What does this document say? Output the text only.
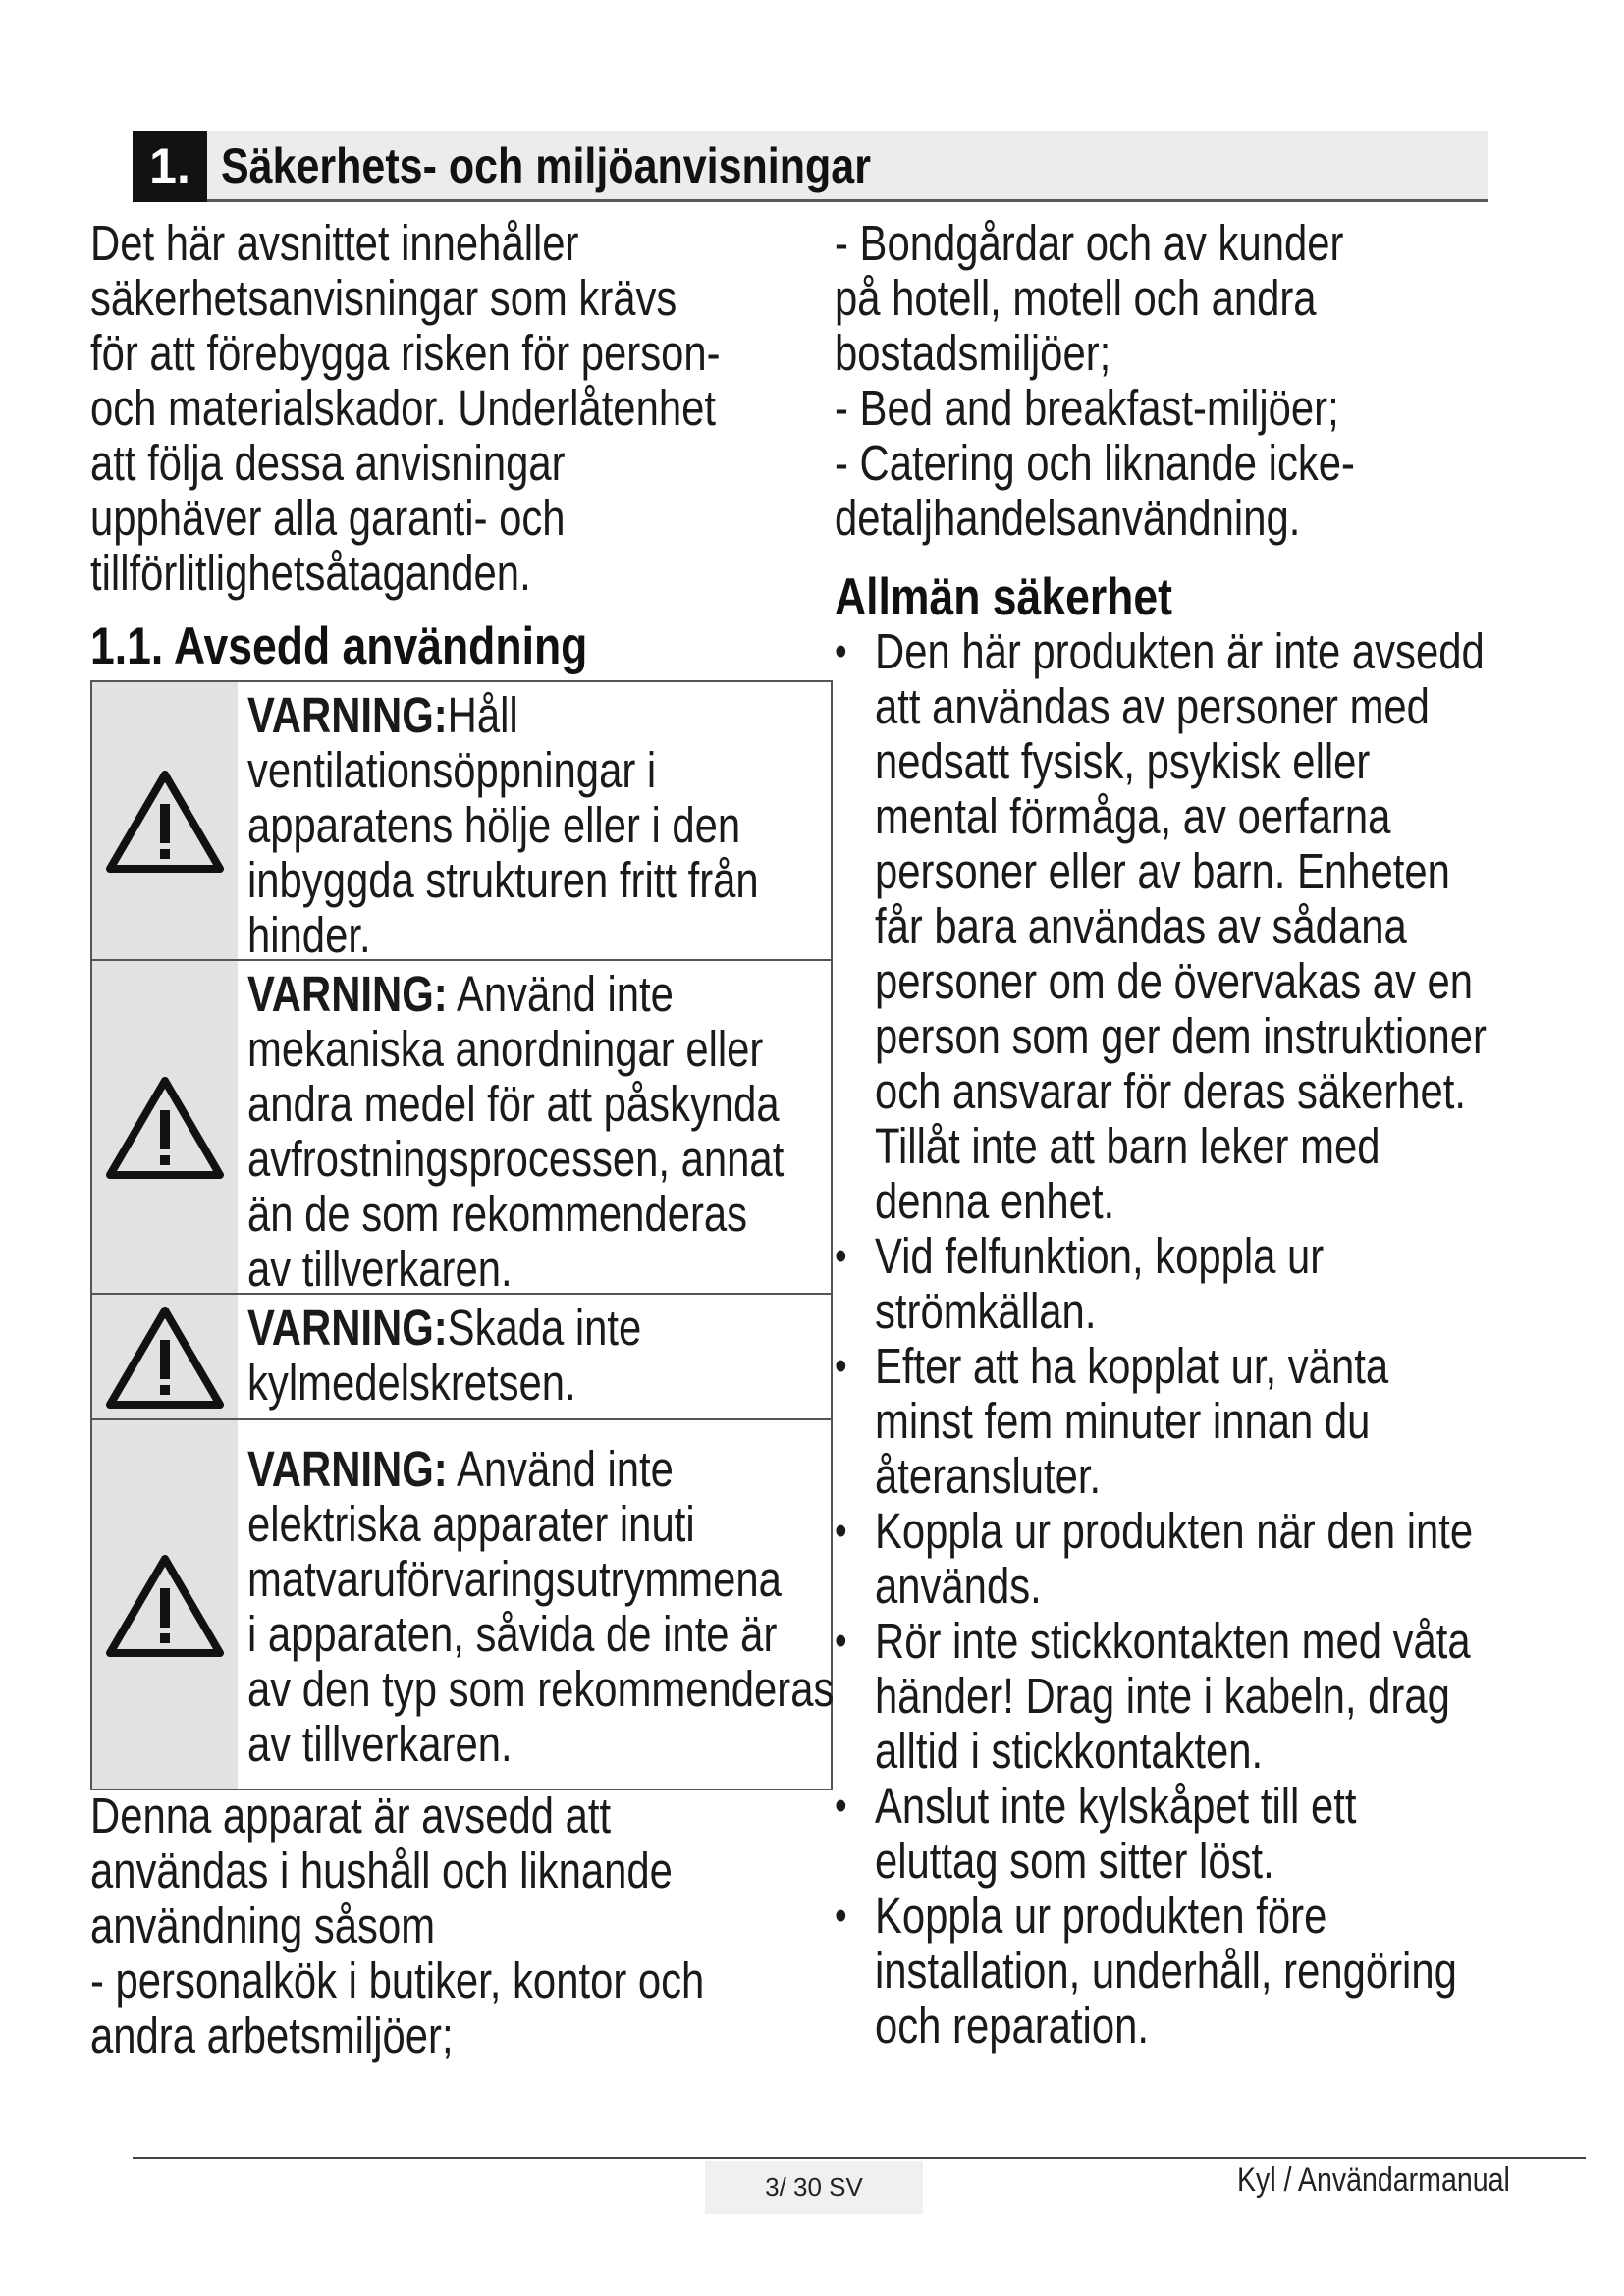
1. Säkerhets- och miljöanvisningar
Det här avsnittet innehåller
säkerhetsanvisningar som krävs
för att förebygga risken för person-
och materialskador. Underlåtenhet
att följa dessa anvisningar
upphäver alla garanti- och
tillförlitlighetsåtaganden.
1.1. Avsedd användning
VARNING:Håll
ventilationsöppningar i
apparatens hölje eller i den
inbyggda strukturen fritt från
hinder.
VARNING: Använd inte
mekaniska anordningar eller
andra medel för att påskynda
avfrostningsprocessen, annat
än de som rekommenderas
av tillverkaren.
VARNING:Skada inte
kylmedelskretsen.
VARNING: Använd inte
elektriska apparater inuti
matvaruförvaringsutrymmena
i apparaten, såvida de inte är
av den typ som rekommenderas
av tillverkaren.
Denna apparat är avsedd att
användas i hushåll och liknande
användning såsom
- personalkök i butiker, kontor och
andra arbetsmiljöer;
- Bondgårdar och av kunder
på hotell, motell och andra
bostadsmiljöer;
- Bed and breakfast-miljöer;
- Catering och liknande icke-
detaljhandelsanvändning.
Allmän säkerhet
• Den här produkten är inte avsedd
att användas av personer med
nedsatt fysisk, psykisk eller
mental förmåga, av oerfarna
personer eller av barn. Enheten
får bara användas av sådana
personer om de övervakas av en
person som ger dem instruktioner
och ansvarar för deras säkerhet.
Tillåt inte att barn leker med
denna enhet.
• Vid felfunktion, koppla ur
strömkällan.
• Efter att ha kopplat ur, vänta
minst fem minuter innan du
återansluter.
• Koppla ur produkten när den inte
används.
• Rör inte stickkontakten med våta
händer! Drag inte i kabeln, drag
alltid i stickkontakten.
• Anslut inte kylskåpet till ett
eluttag som sitter löst.
• Koppla ur produkten före
installation, underhåll, rengöring
och reparation.
3/ 30 SV	Kyl / Användarmanual
